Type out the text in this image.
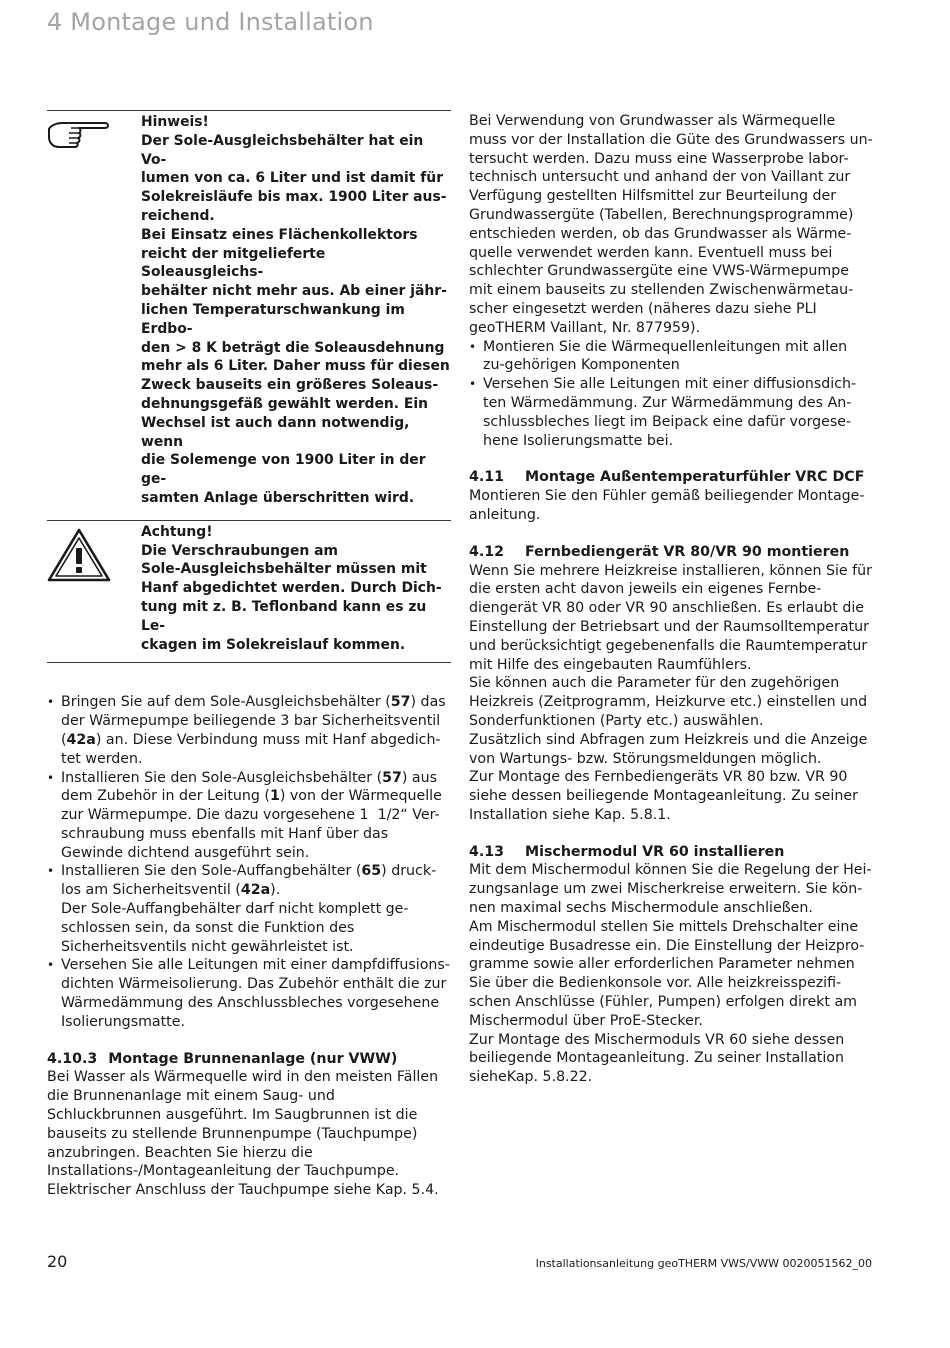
4 Montage und Installation
Hinweis!
Der Sole-Ausgleichsbehälter hat ein Vo-
lumen von ca. 6 Liter und ist damit für
Solekreisläufe bis max. 1900 Liter aus-
reichend.
Bei Einsatz eines Flächenkollektors
reicht der mitgelieferte Soleausgleichs-
behälter nicht mehr aus. Ab einer jähr-
lichen Temperaturschwankung im Erdbo-
den > 8 K beträgt die Soleausdehnung
mehr als 6 Liter. Daher muss für diesen
Zweck bauseits ein größeres Soleaus-
dehnungsgefäß gewählt werden. Ein
Wechsel ist auch dann notwendig, wenn
die Solemenge von 1900 Liter in der ge-
samten Anlage überschritten wird.
Achtung!
Die Verschraubungen am
Sole-Ausgleichsbehälter müssen mit
Hanf abgedichtet werden. Durch Dich-
tung mit z. B. Teflonband kann es zu Le-
ckagen im Solekreislauf kommen.
• Bringen Sie auf dem Sole-Ausgleichsbehälter (57) das der Wärmepumpe beiliegende 3 bar Sicherheitsventil (42a) an. Diese Verbindung muss mit Hanf abgedich-tet werden.
• Installieren Sie den Sole-Ausgleichsbehälter (57) aus dem Zubehör in der Leitung (1) von der Wärmequelle zur Wärmepumpe. Die dazu vorgesehene 1  1/2“ Ver-schraubung muss ebenfalls mit Hanf über das Gewinde dichtend ausgeführt sein.
• Installieren Sie den Sole-Auffangbehälter (65) druck-los am Sicherheitsventil (42a).
Der Sole-Auffangbehälter darf nicht komplett ge-schlossen sein, da sonst die Funktion des Sicherheitsventils nicht gewährleistet ist.
• Versehen Sie alle Leitungen mit einer dampfdiffusions-dichten Wärmeisolierung. Das Zubehör enthält die zur Wärmedämmung des Anschlussbleches vorgesehene Isolierungsmatte.
4.10.3 Montage Brunnenanlage (nur VWW)

Bei Wasser als Wärmequelle wird in den meisten Fällen die Brunnenanlage mit einem Saug- und Schluckbrunnen ausgeführt. Im Saugbrunnen ist die bauseits zu stellende Brunnenpumpe (Tauchpumpe) anzubringen. Beachten Sie hierzu die Installations-/Montageanleitung der Tauchpumpe. Elektrischer Anschluss der Tauchpumpe siehe Kap. 5.4.

Bei Verwendung von Grundwasser als Wärmequelle muss vor der Installation die Güte des Grundwassers un-tersucht werden. Dazu muss eine Wasserprobe labor-technisch untersucht und anhand der von Vaillant zur Verfügung gestellten Hilfsmittel zur Beurteilung der Grundwassergüte (Tabellen, Berechnungsprogramme) entschieden werden, ob das Grundwasser als Wärme-quelle verwendet werden kann. Eventuell muss bei schlechter Grundwassergüte eine VWS-Wärmepumpe mit einem bauseits zu stellenden Zwischenwärmetau-scher eingesetzt werden (näheres dazu siehe PLI geoTHERM Vaillant, Nr. 877959).

• Montieren Sie die Wärmequellenleitungen mit allen zu-gehörigen Komponenten
• Versehen Sie alle Leitungen mit einer diffusionsdich-ten Wärmedämmung. Zur Wärmedämmung des An-schlussbleches liegt im Beipack eine dafür vorgese-hene Isolierungsmatte bei.
4.11 Montage Außentemperaturfühler VRC DCF

Montieren Sie den Fühler gemäß beiliegender Montage-anleitung.

4.12 Fernbediengerät VR 80/VR 90 montieren

Wenn Sie mehrere Heizkreise installieren, können Sie für die ersten acht davon jeweils ein eigenes Fernbe-diengerät VR 80 oder VR 90 anschließen. Es erlaubt die Einstellung der Betriebsart und der Raumsolltemperatur und berücksichtigt gegebenenfalls die Raumtemperatur mit Hilfe des eingebauten Raumfühlers.

Sie können auch die Parameter für den zugehörigen Heizkreis (Zeitprogramm, Heizkurve etc.) einstellen und Sonderfunktionen (Party etc.) auswählen.

Zusätzlich sind Abfragen zum Heizkreis und die Anzeige von Wartungs- bzw. Störungsmeldungen möglich.

Zur Montage des Fernbediengeräts VR 80 bzw. VR 90 siehe dessen beiliegende Montageanleitung. Zu seiner Installation siehe Kap. 5.8.1.

4.13 Mischermodul VR 60 installieren

Mit dem Mischermodul können Sie die Regelung der Hei-zungsanlage um zwei Mischerkreise erweitern. Sie kön-nen maximal sechs Mischermodule anschließen.

Am Mischermodul stellen Sie mittels Drehschalter eine eindeutige Busadresse ein. Die Einstellung der Heizpro-gramme sowie aller erforderlichen Parameter nehmen Sie über die Bedienkonsole vor. Alle heizkreisspezifi-schen Anschlüsse (Fühler, Pumpen) erfolgen direkt am Mischermodul über ProE-Stecker.

Zur Montage des Mischermoduls VR 60 siehe dessen beiliegende Montageanleitung. Zu seiner Installation sieheKap. 5.8.22.

20	Installationsanleitung geoTHERM VWS/VWW 0020051562_00
